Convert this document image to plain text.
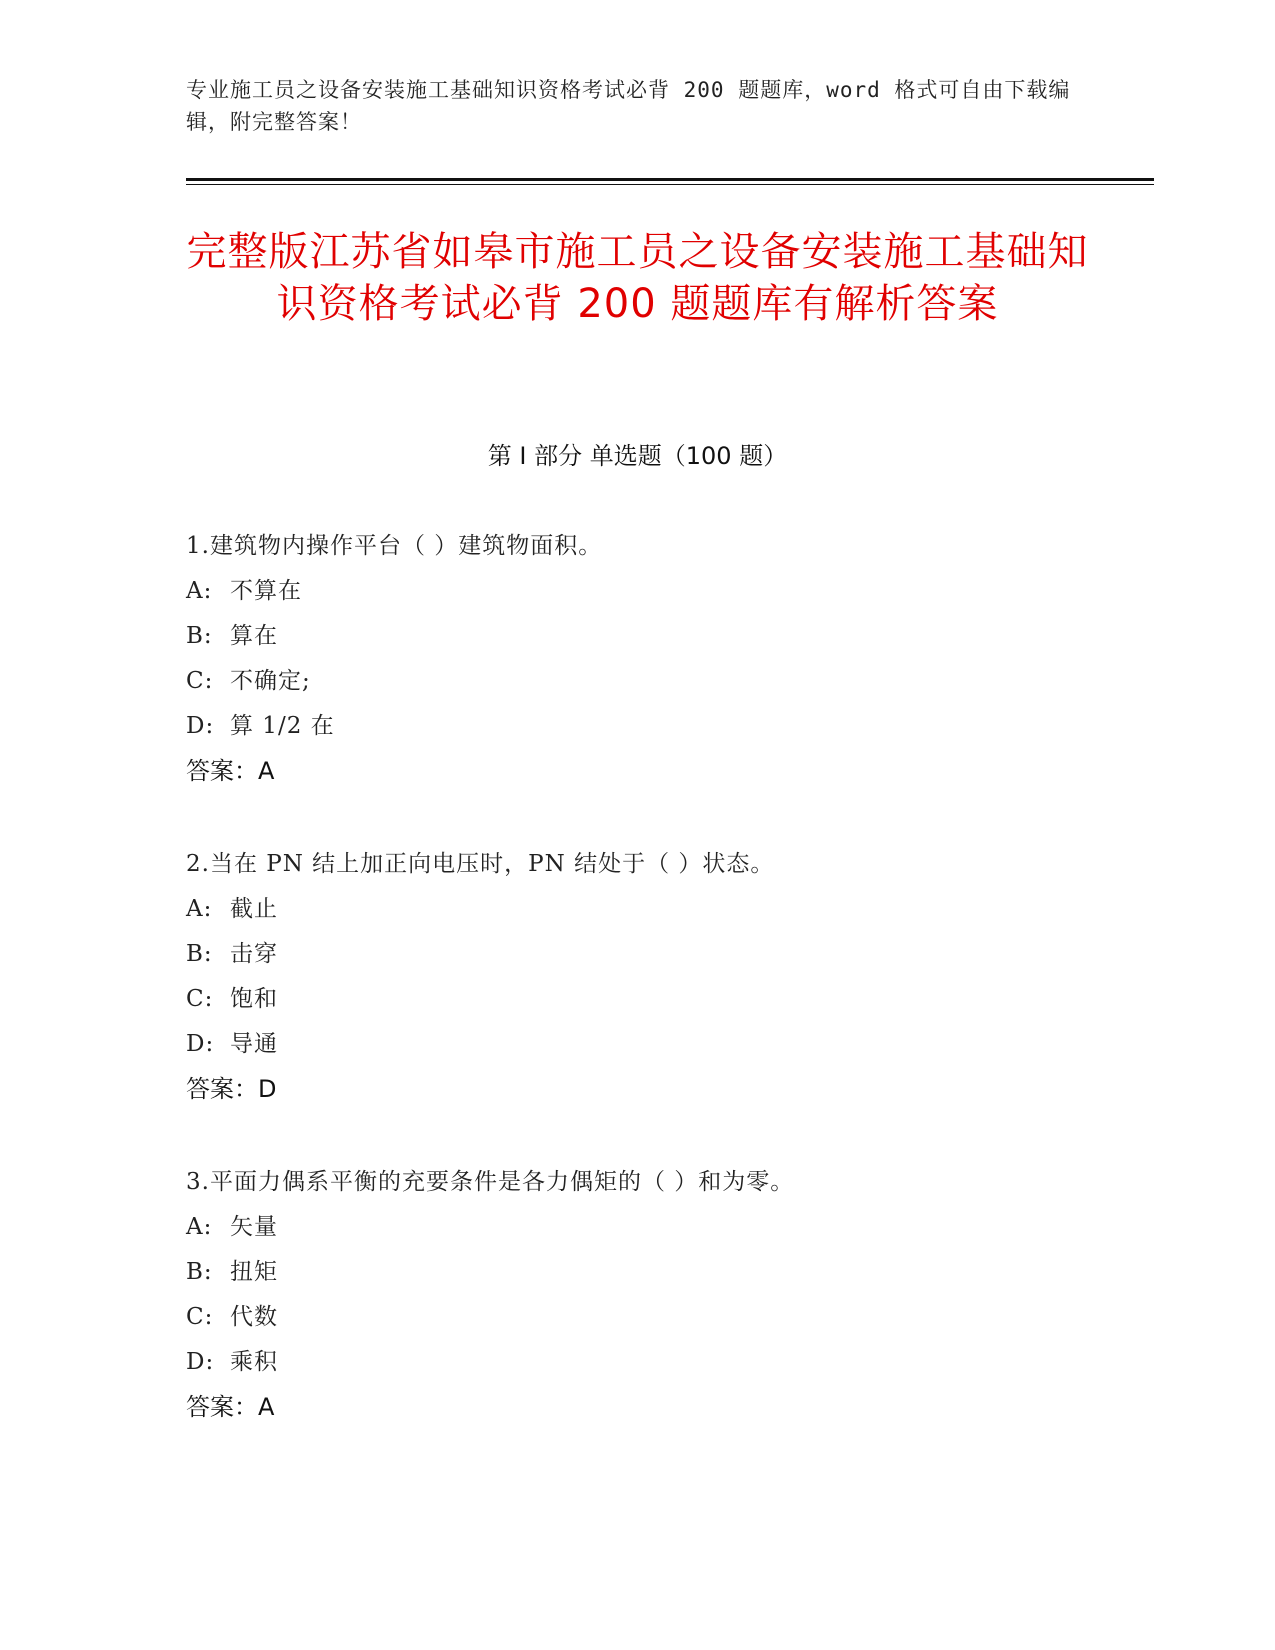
专业施工员之设备安装施工基础知识资格考试必背 200 题题库，word 格式可自由下载编辑，附完整答案！
完整版江苏省如皋市施工员之设备安装施工基础知识资格考试必背 200 题题库有解析答案
第 I 部分 单选题（100 题）
1.建筑物内操作平台（ ）建筑物面积。
A: 不算在
B: 算在
C: 不确定;
D: 算 1/2 在
答案：A
2.当在 PN 结上加正向电压时，PN 结处于（ ）状态。
A: 截止
B: 击穿
C: 饱和
D: 导通
答案：D
3.平面力偶系平衡的充要条件是各力偶矩的（ ）和为零。
A: 矢量
B: 扭矩
C: 代数
D: 乘积
答案：A
